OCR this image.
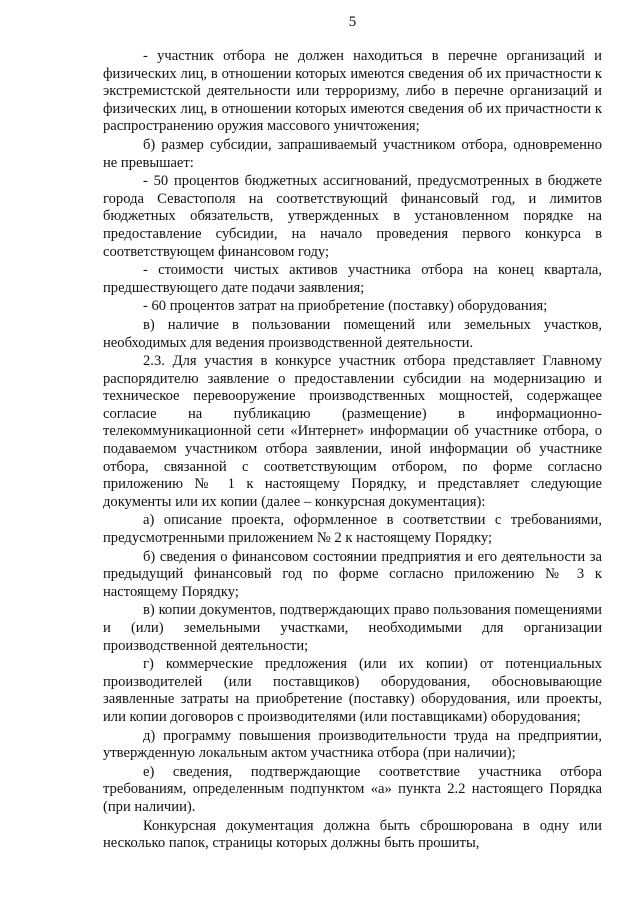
5

- участник отбора не должен находиться в перечне организаций и физических лиц, в отношении которых имеются сведения об их причастности к экстремистской деятельности или терроризму, либо в перечне организаций и физических лиц, в отношении которых имеются сведения об их причастности к распространению оружия массового уничтожения;

б) размер субсидии, запрашиваемый участником отбора, одновременно не превышает:

- 50 процентов бюджетных ассигнований, предусмотренных в бюджете города Севастополя на соответствующий финансовый год, и лимитов бюджетных обязательств, утвержденных в установленном порядке на предоставление субсидии, на начало проведения первого конкурса в соответствующем финансовом году;

- стоимости чистых активов участника отбора на конец квартала, предшествующего дате подачи заявления;

- 60 процентов затрат на приобретение (поставку) оборудования;

в) наличие в пользовании помещений или земельных участков, необходимых для ведения производственной деятельности.

2.3. Для участия в конкурсе участник отбора представляет Главному распорядителю заявление о предоставлении субсидии на модернизацию и техническое перевооружение производственных мощностей, содержащее согласие на публикацию (размещение) в информационно-телекоммуникационной сети «Интернет» информации об участнике отбора, о подаваемом участником отбора заявлении, иной информации об участнике отбора, связанной с соответствующим отбором, по форме согласно приложению № 1 к настоящему Порядку, и представляет следующие документы или их копии (далее – конкурсная документация):

а) описание проекта, оформленное в соответствии с требованиями, предусмотренными приложением № 2 к настоящему Порядку;

б) сведения о финансовом состоянии предприятия и его деятельности за предыдущий финансовый год по форме согласно приложению № 3 к настоящему Порядку;

в) копии документов, подтверждающих право пользования помещениями и (или) земельными участками, необходимыми для организации производственной деятельности;

г) коммерческие предложения (или их копии) от потенциальных производителей (или поставщиков) оборудования, обосновывающие заявленные затраты на приобретение (поставку) оборудования, или проекты, или копии договоров с производителями (или поставщиками) оборудования;

д) программу повышения производительности труда на предприятии, утвержденную локальным актом участника отбора (при наличии);

е) сведения, подтверждающие соответствие участника отбора требованиям, определенным подпунктом «а» пункта 2.2 настоящего Порядка (при наличии).

Конкурсная документация должна быть сброшюрована в одну или несколько папок, страницы которых должны быть прошиты,
